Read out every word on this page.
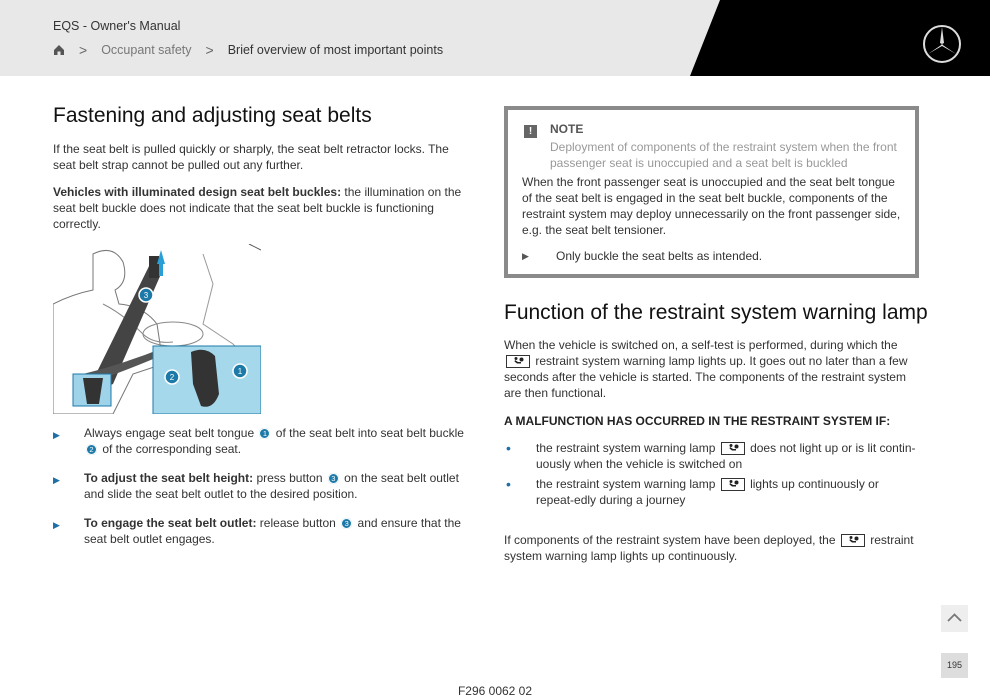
EQS - Owner's Manual
> Occupant safety > Brief overview of most important points
Fastening and adjusting seat belts

If the seat belt is pulled quickly or sharply, the seat belt retractor locks. The seat belt strap cannot be pulled out any further.

Vehicles with illuminated design seat belt buckles: the illumination on the seat belt buckle does not indicate that the seat belt buckle is functioning correctly.

3
2
1
▶	Always engage seat belt tongue 1 of the seat belt into seat belt buckle 2 of the corresponding seat.
▶	To adjust the seat belt height: press button 3 on the seat belt outlet and slide the seat belt outlet to the desired position.
▶	To engage the seat belt outlet: release button 3 and ensure that the seat belt outlet engages.
!	NOTE
Deployment of components of the restraint system when the front passenger seat is unoccupied and a seat belt is buckled
When the front passenger seat is unoccupied and the seat belt tongue of the seat belt is engaged in the seat belt buckle, components of the restraint system may deploy unnecessarily on the front passenger side, e.g. the seat belt tensioner.
▶	Only buckle the seat belts as intended.
Function of the restraint system warning lamp

When the vehicle is switched on, a self-test is performed, during which the

restraint system warning lamp lights up. It goes out no later than a few seconds after the vehicle is started. The components of the restraint system are then functional.

A MALFUNCTION HAS OCCURRED IN THE RESTRAINT SYSTEM IF:
•	the restraint system warning lamp
does not light up or is lit contin-uously when the vehicle is switched on
•	the restraint system warning lamp
lights up continuously or repeat-edly during a journey

If components of the restraint system have been deployed, the
restraint system warning lamp lights up continuously.

F296 0062 02
195
